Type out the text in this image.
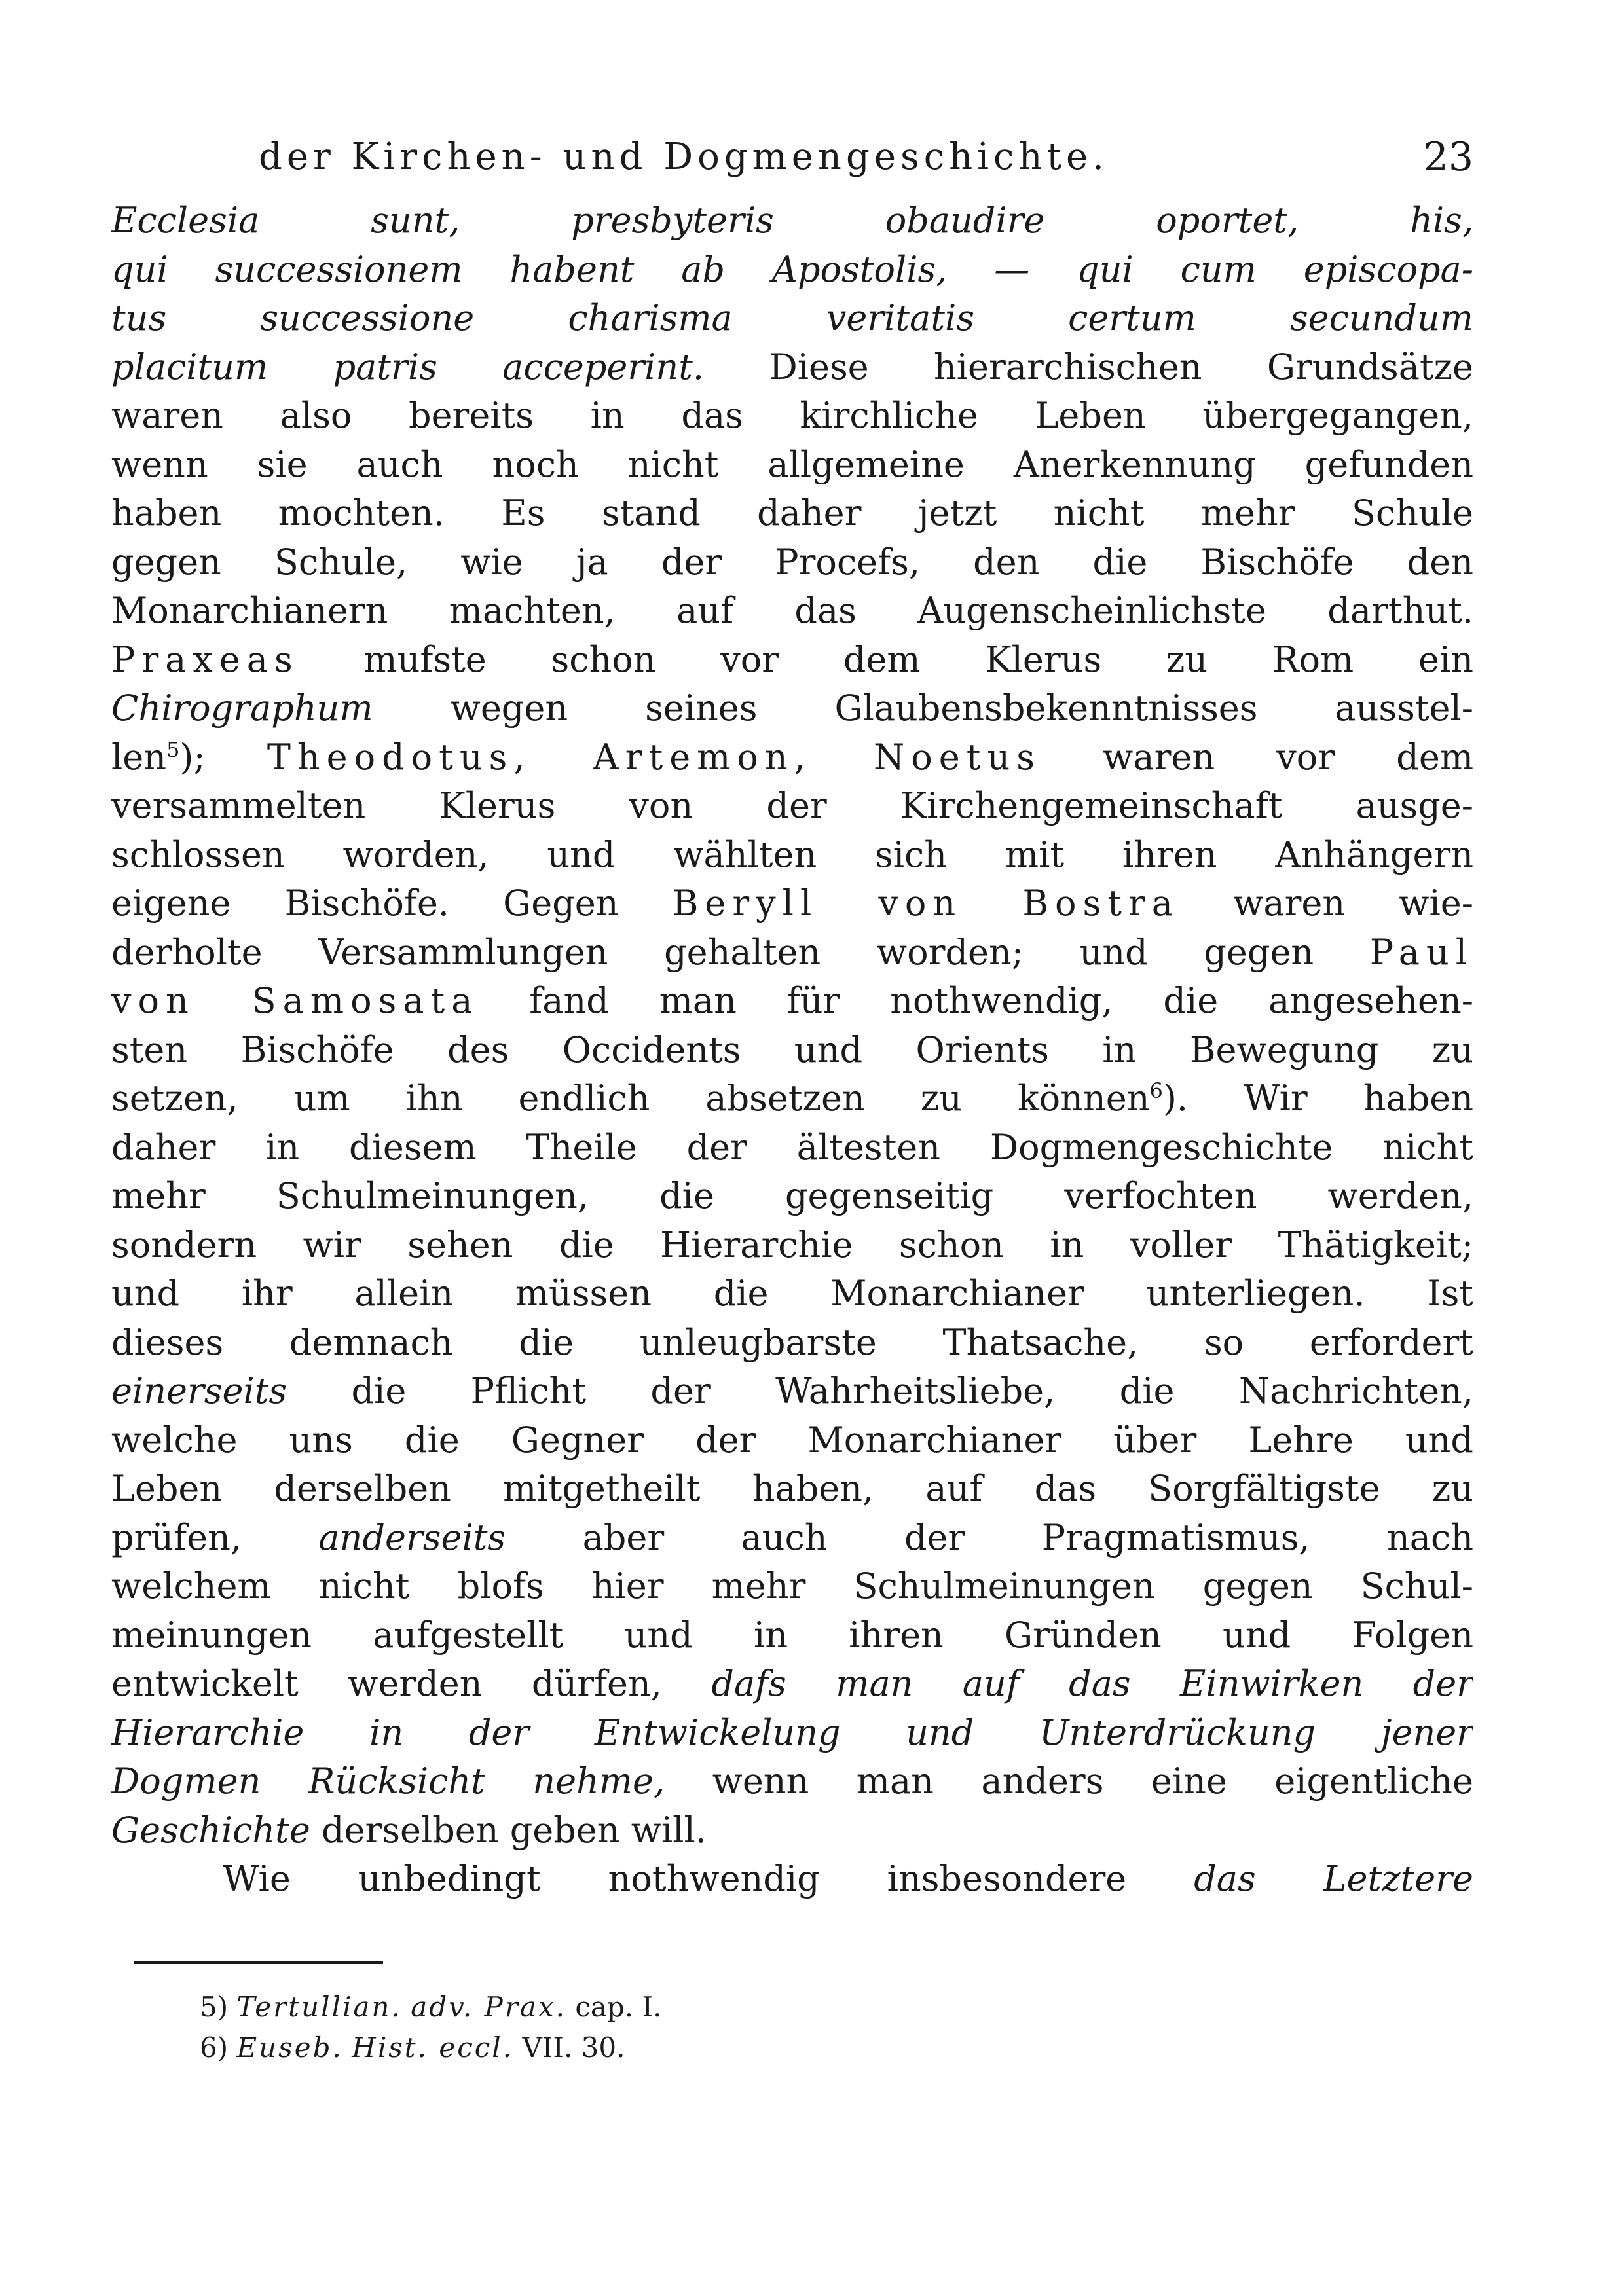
der Kirchen- und Dogmengeschichte.	23
Ecclesia sunt, presbyteris obaudire oportet, his,
qui successionem habent ab Apostolis, — qui cum episcopa-
tus successione charisma veritatis certum secundum
placitum patris acceperint. Diese hierarchischen Grundsätze
waren also bereits in das kirchliche Leben übergegangen,
wenn sie auch noch nicht allgemeine Anerkennung gefunden
haben mochten. Es stand daher jetzt nicht mehr Schule
gegen Schule, wie ja der Procefs, den die Bischöfe den
Monarchianern machten, auf das Augenscheinlichste darthut.
Praxeas mufste schon vor dem Klerus zu Rom ein
Chirographum wegen seines Glaubensbekenntnisses ausstel-
len$^5$); Theodotus, Artemon, Noetus waren vor dem
versammelten Klerus von der Kirchengemeinschaft ausge-
schlossen worden, und wählten sich mit ihren Anhängern
eigene Bischöfe. Gegen Beryll von Bostra waren wie-
derholte Versammlungen gehalten worden; und gegen Paul
von Samosata fand man für nothwendig, die angesehen-
sten Bischöfe des Occidents und Orients in Bewegung zu
setzen, um ihn endlich absetzen zu können$^6$). Wir haben
daher in diesem Theile der ältesten Dogmengeschichte nicht
mehr Schulmeinungen, die gegenseitig verfochten werden,
sondern wir sehen die Hierarchie schon in voller Thätigkeit;
und ihr allein müssen die Monarchianer unterliegen. Ist
dieses demnach die unleugbarste Thatsache, so erfordert
einerseits die Pflicht der Wahrheitsliebe, die Nachrichten,
welche uns die Gegner der Monarchianer über Lehre und
Leben derselben mitgetheilt haben, auf das Sorgfältigste zu
prüfen, anderseits aber auch der Pragmatismus, nach
welchem nicht blofs hier mehr Schulmeinungen gegen Schul-
meinungen aufgestellt und in ihren Gründen und Folgen
entwickelt werden dürfen, dafs man auf das Einwirken der
Hierarchie in der Entwickelung und Unterdrückung jener
Dogmen Rücksicht nehme, wenn man anders eine eigentliche
Geschichte derselben geben will.
Wie unbedingt nothwendig insbesondere das Letztere
5) Tertullian. adv. Prax. cap. I.
6) Euseb. Hist. eccl. VII. 30.
